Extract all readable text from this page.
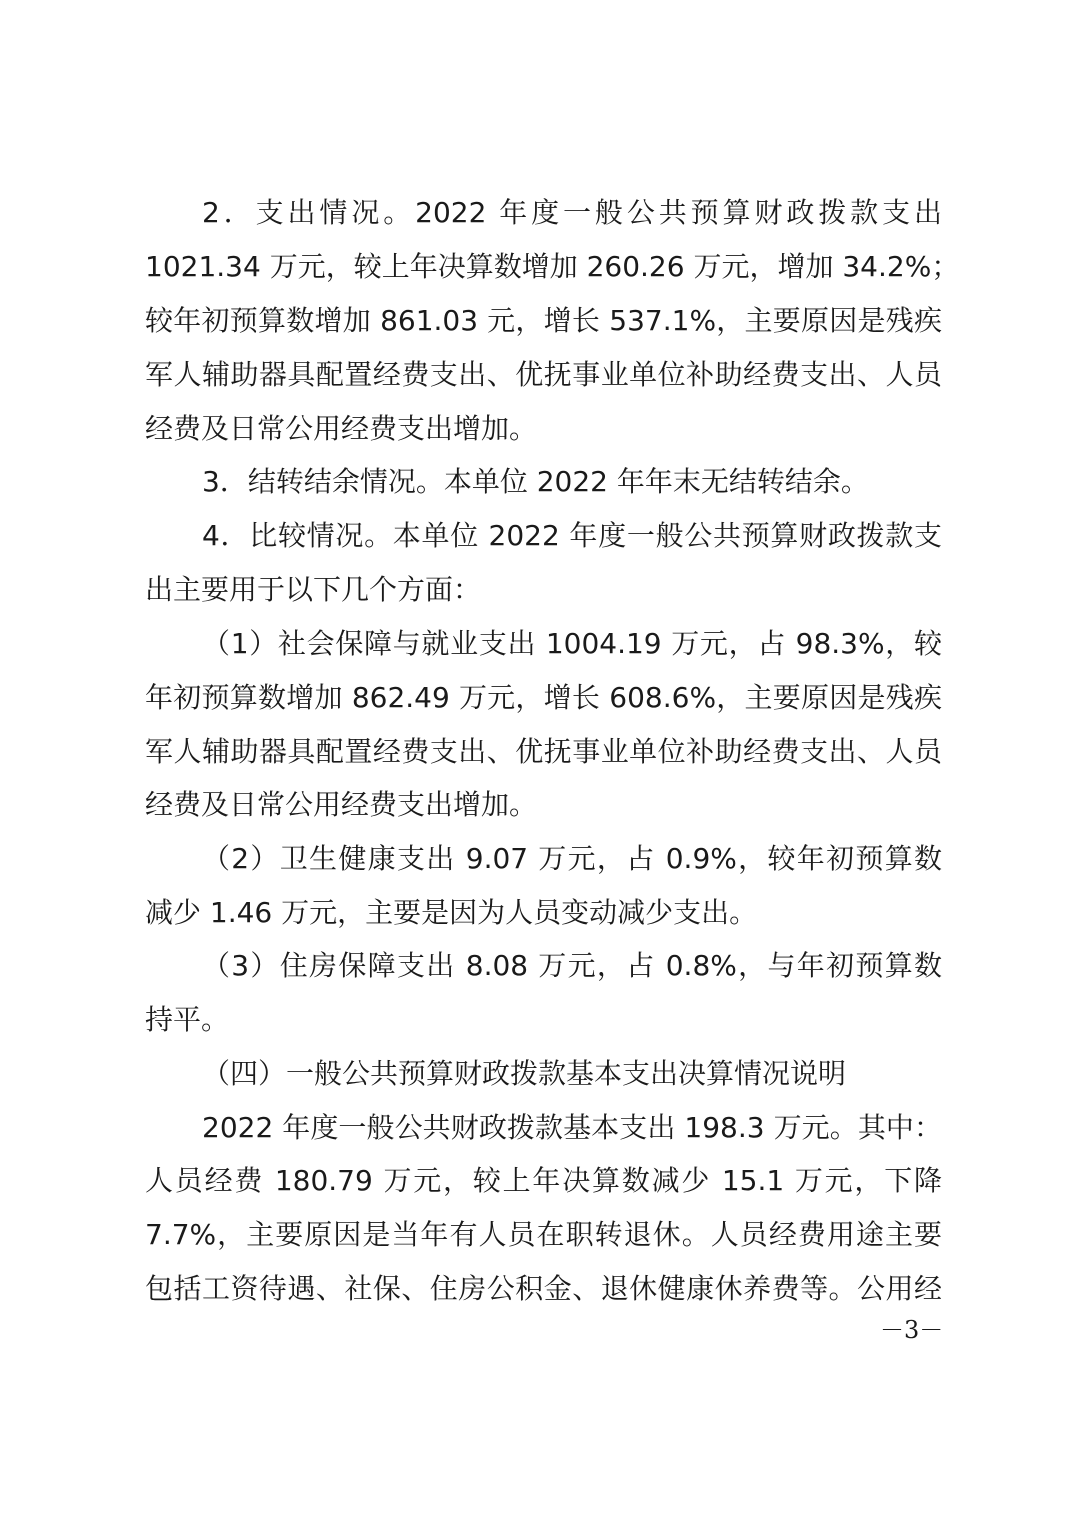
2．支出情况。2022 年度一般公共预算财政拨款支出
1021.34 万元，较上年决算数增加 260.26 万元，增加 34.2%；
较年初预算数增加 861.03 元，增长 537.1%，主要原因是残疾
军人辅助器具配置经费支出、优抚事业单位补助经费支出、人员
经费及日常公用经费支出增加。
3．结转结余情况。本单位 2022 年年末无结转结余。
4．比较情况。本单位 2022 年度一般公共预算财政拨款支
出主要用于以下几个方面：
（1）社会保障与就业支出 1004.19 万元，占 98.3%，较
年初预算数增加 862.49 万元，增长 608.6%，主要原因是残疾
军人辅助器具配置经费支出、优抚事业单位补助经费支出、人员
经费及日常公用经费支出增加。
（2）卫生健康支出 9.07 万元，占 0.9%，较年初预算数
减少 1.46 万元，主要是因为人员变动减少支出。
（3）住房保障支出 8.08 万元，占 0.8%，与年初预算数
持平。
（四）一般公共预算财政拨款基本支出决算情况说明
2022 年度一般公共财政拨款基本支出 198.3 万元。其中：
人员经费 180.79 万元，较上年决算数减少 15.1 万元，下降
7.7%，主要原因是当年有人员在职转退休。人员经费用途主要
包括工资待遇、社保、住房公积金、退休健康休养费等。公用经
－3－
